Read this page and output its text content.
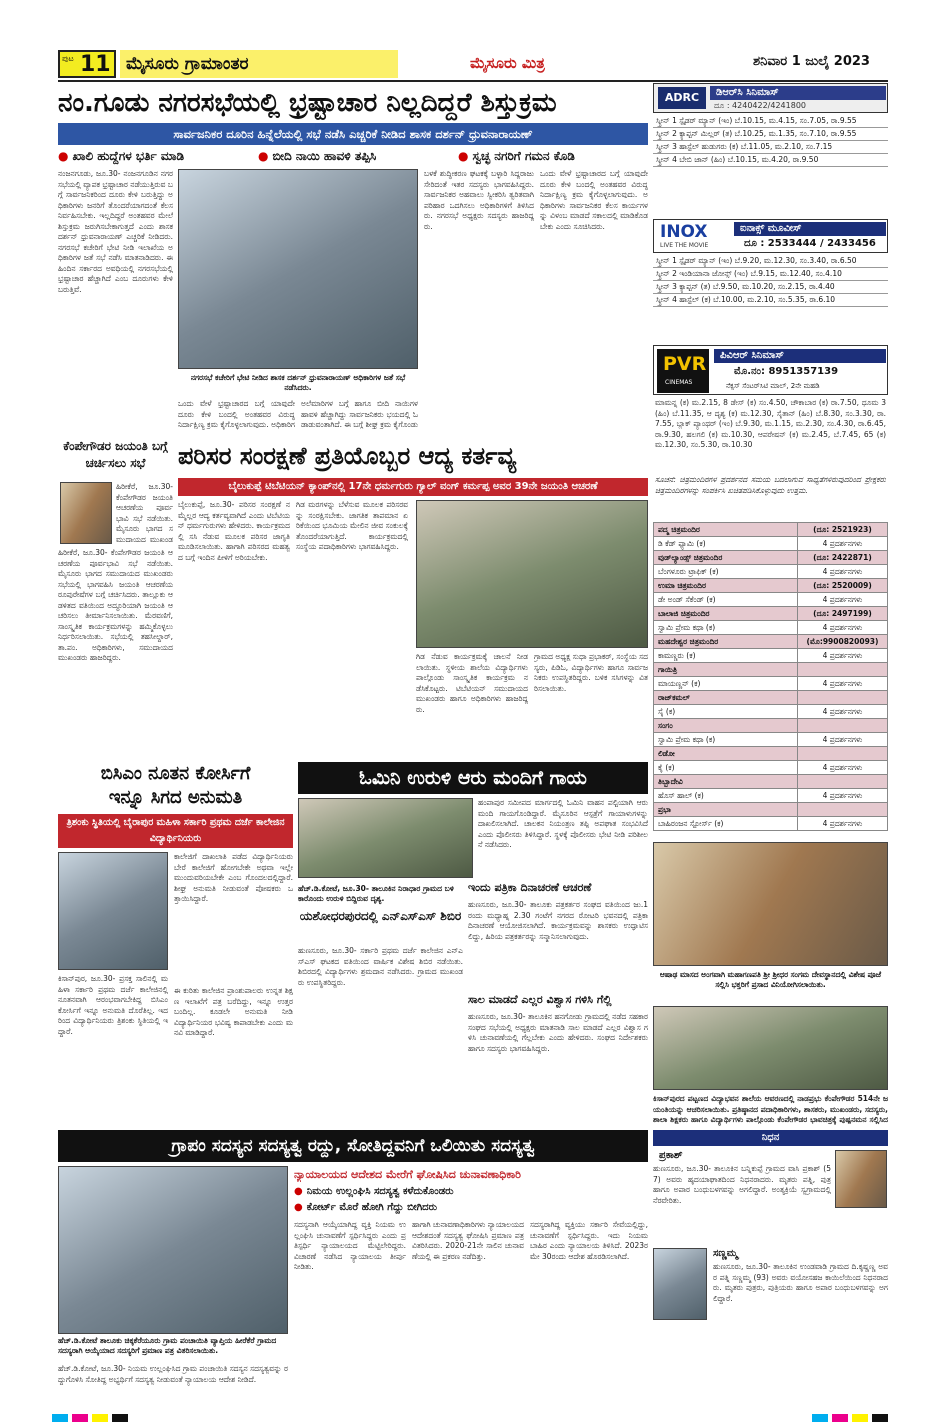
ಪುಟ 11 ಮೈಸೂರು ಗ್ರಾಮಾಂತರ	ಮೈಸೂರು ಮಿತ್ರ	ಶನಿವಾರ 1 ಜುಲೈ 2023
ನಂ.ಗೂಡು ನಗರಸಭೆಯಲ್ಲಿ ಭ್ರಷ್ಟಾಚಾರ ನಿಲ್ಲದಿದ್ದರೆ ಶಿಸ್ತುಕ್ರಮ
ಸಾರ್ವಜನಿಕರ ದೂರಿನ ಹಿನ್ನೆಲೆಯಲ್ಲಿ ಸಭೆ ನಡೆಸಿ ಎಚ್ಚರಿಕೆ ನೀಡಿದ ಶಾಸಕ ದರ್ಶನ್ ಧ್ರುವನಾರಾಯಣ್
● ಖಾಲಿ ಹುದ್ದೆಗಳ ಭರ್ತಿ ಮಾಡಿ	● ಬೀದಿ ನಾಯಿ ಹಾವಳಿ ತಪ್ಪಿಸಿ	● ಸ್ವಚ್ಛ ನಗರಿಗೆ ಗಮನ ಕೊಡಿ
ನಂಜನಗೂಡು, ಜೂ.30- ನಂಜನಗೂಡಿನ ನಗರಸಭೆಯಲ್ಲಿ ವ್ಯಾಪಕ ಭ್ರಷ್ಟಾಚಾರ ನಡೆಯುತ್ತಿರುವ ಬಗ್ಗೆ ಸಾರ್ವಜನಿಕರಿಂದ ದೂರು ಕೇಳಿ ಬರುತ್ತಿದ್ದು ಅಧಿಕಾರಿಗಳು ಜನರಿಗೆ ತೊಂದರೆಯಾಗದಂತೆ ಕೆಲಸ ನಿರ್ವಹಿಸಬೇಕು. ಇಲ್ಲದಿದ್ದರೆ ಅಂತಹವರ ಮೇಲೆ ಶಿಸ್ತುಕ್ರಮ ಜರುಗಿಸಬೇಕಾಗುತ್ತದೆ ಎಂದು ಶಾಸಕ ದರ್ಶನ್ ಧ್ರುವನಾರಾಯಣ್ ಎಚ್ಚರಿಕೆ ನೀಡಿದರು. ನಗರಸಭೆ ಕಚೇರಿಗೆ ಭೇಟಿ ನೀಡಿ ಇಲಾಖೆಯ ಅಧಿಕಾರಿಗಳ ಜತೆ ಸಭೆ ನಡೆಸಿ ಮಾತನಾಡಿದರು. ಈ ಹಿಂದಿನ ಸರ್ಕಾರದ ಅವಧಿಯಲ್ಲಿ ನಗರಸಭೆಯಲ್ಲಿ ಭ್ರಷ್ಟಾಚಾರ ಹೆಚ್ಚಾಗಿದೆ ಎಂಬ ದೂರುಗಳು ಕೇಳಿ ಬರುತ್ತಿವೆ.
ನಗರಸಭೆ ಕಚೇರಿಗೆ ಭೇಟಿ ನೀಡಿದ ಶಾಸಕ ದರ್ಶನ್ ಧ್ರುವನಾರಾಯಣ್ ಅಧಿಕಾರಿಗಳ ಜತೆ ಸಭೆ ನಡೆಸಿದರು.
ಒಂದು ವೇಳೆ ಭ್ರಷ್ಟಾಚಾರದ ಬಗ್ಗೆ ಯಾವುದೇ ದೂರು ಕೇಳಿ ಬಂದಲ್ಲಿ ಅಂತಹವರ ವಿರುದ್ಧ ನಿರ್ದಾಕ್ಷಿಣ್ಯ ಕ್ರಮ ಕೈಗೊಳ್ಳಲಾಗುವುದು. ಅಧಿಕಾರಿಗ
ಅಲೆಮಾರಿಗಳ ಬಗ್ಗೆ ಹಾಗೂ ಬೀದಿ ನಾಯಿಗಳ ಹಾವಳಿ ಹೆಚ್ಚಾಗಿದ್ದು ಸಾರ್ವಜನಿಕರು ಭಯದಲ್ಲಿ ಓಡಾಡುವಂತಾಗಿದೆ. ಈ ಬಗ್ಗೆ ಶೀಘ್ರ ಕ್ರಮ ಕೈಗೊಂಡು
ಬಳಕೆ ಶುದ್ಧೀಕರಣ ಘಟಕಕ್ಕೆ ಬಳ್ಳಾರಿ ಸಿದ್ದರಾಜು ಸೇರಿದಂತೆ ಇತರ ಸದಸ್ಯರು ಭಾಗವಹಿಸಿದ್ದರು. ಸಾರ್ವಜನಿಕರ ಅಹವಾಲು ಸ್ವೀಕರಿಸಿ ತ್ವರಿತವಾಗಿ ಪರಿಹಾರ ಒದಗಿಸಲು ಅಧಿಕಾರಿಗಳಿಗೆ ತಿಳಿಸಿದರು. ನಗರಸಭೆ ಅಧ್ಯಕ್ಷರು ಸದಸ್ಯರು ಹಾಜರಿದ್ದರು.
ಒಂದು ವೇಳೆ ಭ್ರಷ್ಟಾಚಾರದ ಬಗ್ಗೆ ಯಾವುದೇ ದೂರು ಕೇಳಿ ಬಂದಲ್ಲಿ ಅಂತಹವರ ವಿರುದ್ಧ ನಿರ್ದಾಕ್ಷಿಣ್ಯ ಕ್ರಮ ಕೈಗೊಳ್ಳಲಾಗುವುದು. ಅಧಿಕಾರಿಗಳು ಸಾರ್ವಜನಿಕರ ಕೆಲಸ ಕಾರ್ಯಗಳನ್ನು ವಿಳಂಬ ಮಾಡದೆ ಸಕಾಲದಲ್ಲಿ ಮಾಡಿಕೊಡಬೇಕು ಎಂದು ಸೂಚಿಸಿದರು.
ADRC	ಡಿಆರ್‌ಸಿ ಸಿನಿಮಾಸ್
ದೂ : 4240422/4241800
ಸ್ಕ್ರೀನ್ 1 ಸ್ಪೈಡರ್ ಮ್ಯಾನ್ (ಇಂ) ಬೆ.10.15, ಮ.4.15, ಸಂ.7.05, ರಾ.9.55
ಸ್ಕ್ರೀನ್ 2 ಕ್ಯಾಪ್ಟನ್ ಮಿಲ್ಲರ್ (ತ) ಬೆ.10.25, ಮ.1.35, ಸಂ.7.10, ರಾ.9.55
ಸ್ಕ್ರೀನ್ 3 ಹಾಸ್ಟೆಲ್ ಹುಡುಗರು (ಕ) ಬೆ.11.05, ಮ.2.10, ಸಂ.7.15
ಸ್ಕ್ರೀನ್ 4 ಬೇಬಿ ಜಾನ್ (ಹಿಂ) ಬೆ.10.15, ಮ.4.20, ರಾ.9.50
INOX
LIVE THE MOVIE
ಐನಾಕ್ಸ್ ಮೂವೀಸ್
ದೂ : 2533444 / 2433456
ಸ್ಕ್ರೀನ್ 1 ಸ್ಪೈಡರ್ ಮ್ಯಾನ್ (ಇಂ) ಬೆ.9.20, ಮ.12.30, ಸಂ.3.40, ರಾ.6.50
ಸ್ಕ್ರೀನ್ 2 ಇಂಡಿಯಾನಾ ಜೋನ್ಸ್ (ಇಂ) ಬೆ.9.15, ಮ.12.40, ಸಂ.4.10
ಸ್ಕ್ರೀನ್ 3 ಕ್ಯಾಪ್ಟನ್ (ತ) ಬೆ.9.50, ಮ.10.20, ಸಂ.2.15, ರಾ.4.40
ಸ್ಕ್ರೀನ್ 4 ಹಾಸ್ಟೆಲ್ (ಕ) ಬೆ.10.00, ಮ.2.10, ಸಂ.5.35, ರಾ.6.10
PVR
CINEMAS
ಪಿವಿಆರ್ ಸಿನಿಮಾಸ್
ಮೊ.ನಂ: 8951357139
ನೆಕ್ಸಸ್ ಸೆಂಟರ್‌ಸಿಟಿ ಮಾಲ್, 2ನೇ ಮಹಡಿ
ಮಾಮನ್ನ (ಕ) ಮ.2.15, 8 ಡೇಸ್ (ಕ) ಸಂ.4.50, ಚೌಕಾಬಾರ (ಕ) ರಾ.7.50, ಧೂಮ 3 (ಹಿಂ) ಬೆ.11.35, ಆ ದೃಶ್ಯ (ಕ) ಮ.12.30, ಸೈತಾನ್ (ಹಿಂ) ಬೆ.8.30, ಸಂ.3.30, ರಾ.7.55, ಬ್ಲಾಕ್ ಪ್ಯಾಂಥರ್ (ಇಂ) ಬೆ.9.30, ಮ.1.15, ಮ.2.30, ಸಂ.4.30, ರಾ.6.45, ರಾ.9.30, ಹಲಗಲಿ (ಕ) ಮ.10.30, ಆಪರೇಷನ್ (ಕ) ಮ.2.45, ಬೆ.7.45, 65 (ಕ) ಮ.12.30, ಸಂ.5.30, ರಾ.10.30
ಸೂಚನೆ: ಚಿತ್ರಮಂದಿರಗಳ ಪ್ರದರ್ಶನದ ಸಮಯ ಬದಲಾಗುವ ಸಾಧ್ಯತೆಗಳಿರುವುದರಿಂದ ಪ್ರೇಕ್ಷಕರು ಚಿತ್ರಮಂದಿರಗಳನ್ನು ಸಂಪರ್ಕಿಸಿ ಖಚಿತಪಡಿಸಿಕೊಳ್ಳುವುದು ಉತ್ತಮ.
ಪದ್ಮ ಚಿತ್ರಮಂದಿರ	(ದೂ: 2521923)
ಡಿ ಕೆಡ್ ಫ್ಯಾಮಿ (ಕ)	4 ಪ್ರದರ್ಶನಗಳು
ವುಡ್‌ಲ್ಯಾಂಡ್ಸ್ ಚಿತ್ರಮಂದಿರ	(ದೂ: 2422871)
ಬೆಂಗಳೂರು ಟ್ರಾಫಿಕ್ (ಕ)	4 ಪ್ರದರ್ಶನಗಳು
ಉಮಾ ಚಿತ್ರಮಂದಿರ	(ದೂ: 2520009)
ಡೇ ಅಂಡ್ ಸೆಕೆಂಡ್ (ಕ)	4 ಪ್ರದರ್ಶನಗಳು
ಬಾಲಾಜಿ ಚಿತ್ರಮಂದಿರ	(ದೂ: 2497199)
ಸ್ವಾಮಿ ಪ್ರೇಮ ಕಥಾ (ಕ)	4 ಪ್ರದರ್ಶನಗಳು
ಮಹದೇಶ್ವರ ಚಿತ್ರಮಂದಿರ	(ಮೊ:9900820093)
ಕಾಮಣ್ಣರು (ಕ)	4 ಪ್ರದರ್ಶನಗಳು
ಗಾಯಿತ್ರಿ
ಮಾಯಣ್ಣನ್ (ಕ)	4 ಪ್ರದರ್ಶನಗಳು
ರಾಜ್‌ಕಮಲ್
ಸೈ (ಕ)	4 ಪ್ರದರ್ಶನಗಳು
ಸಂಗಂ
ಸ್ವಾಮಿ ಪ್ರೇಮ ಕಥಾ (ಕ)	4 ಪ್ರದರ್ಶನಗಳು
ಲಿಡೋ
ಕೈ (ಕ)	4 ಪ್ರದರ್ಶನಗಳು
ತಿಬ್ಬಾದೇವಿ
ಹೊಸ್ ಹಾಲ್ (ಕ)	4 ಪ್ರದರ್ಶನಗಳು
ಪ್ರಭಾ
ಬಾಹಿರಂಜನ ಸ್ಟೋರ್ಸ್ (ಕ)	4 ಪ್ರದರ್ಶನಗಳು
ಕೆಂಪೇಗೌಡರ ಜಯಂತಿ ಬಗ್ಗೆ ಚರ್ಚಿಸಲು ಸಭೆ
ಹಿರೀಕೆರೆ, ಜೂ.30- ಕೆಂಪೇಗೌಡರ ಜಯಂತಿ ಆಚರಣೆಯ ಪೂರ್ವಭಾವಿ ಸಭೆ ನಡೆಯಿತು. ಮೈಸೂರು ಭಾಗದ ಸಮುದಾಯದ ಮುಖಂಡ
ಹಿರೀಕೆರೆ, ಜೂ.30- ಕೆಂಪೇಗೌಡರ ಜಯಂತಿ ಆಚರಣೆಯ ಪೂರ್ವಭಾವಿ ಸಭೆ ನಡೆಯಿತು. ಮೈಸೂರು ಭಾಗದ ಸಮುದಾಯದ ಮುಖಂಡರು ಸಭೆಯಲ್ಲಿ ಭಾಗವಹಿಸಿ ಜಯಂತಿ ಆಚರಣೆಯ ರೂಪುರೇಷೆಗಳ ಬಗ್ಗೆ ಚರ್ಚಿಸಿದರು. ತಾಲ್ಲೂಕು ಆಡಳಿತದ ವತಿಯಿಂದ ಅದ್ಧೂರಿಯಾಗಿ ಜಯಂತಿ ಆಚರಿಸಲು ತೀರ್ಮಾನಿಸಲಾಯಿತು. ಮೆರವಣಿಗೆ, ಸಾಂಸ್ಕೃತಿಕ ಕಾರ್ಯಕ್ರಮಗಳನ್ನು ಹಮ್ಮಿಕೊಳ್ಳಲು ನಿರ್ಧರಿಸಲಾಯಿತು. ಸಭೆಯಲ್ಲಿ ತಹಸೀಲ್ದಾರ್, ತಾ.ಪಂ. ಅಧಿಕಾರಿಗಳು, ಸಮುದಾಯದ ಮುಖಂಡರು ಹಾಜರಿದ್ದರು.
ಪರಿಸರ ಸಂರಕ್ಷಣೆ ಪ್ರತಿಯೊಬ್ಬರ ಆದ್ಯ ಕರ್ತವ್ಯ
ಬೈಲುಕುಪ್ಪೆ ಟಿಬೆಟಿಯನ್ ಕ್ಯಾಂಪ್‌ನಲ್ಲಿ 17ನೇ ಧರ್ಮಗುರು ಗ್ಯಾಲ್ ವಂಗ್ ಕರ್ಮಪ್ಪ ಅವರ 39ನೇ ಜಯಂತಿ ಆಚರಣೆ
ಬೈಲುಕುಪ್ಪೆ, ಜೂ.30- ಪರಿಸರ ಸಂರಕ್ಷಣೆ ನಮ್ಮೆಲ್ಲರ ಆದ್ಯ ಕರ್ತವ್ಯವಾಗಿದೆ ಎಂದು ಟಿಬೆಟಿಯನ್ ಧರ್ಮಗುರುಗಳು ಹೇಳಿದರು. ಕಾರ್ಯಕ್ರಮದಲ್ಲಿ ಸಸಿ ನೆಡುವ ಮೂಲಕ ಪರಿಸರ ಜಾಗೃತಿ ಮೂಡಿಸಲಾಯಿತು. ಹಾಗಾಗಿ ಪರಿಸರದ ಮಹತ್ವದ ಬಗ್ಗೆ ಇಂದಿನ ಪೀಳಿಗೆ ಅರಿಯಬೇಕು.
ಗಿಡ ಮರಗಳನ್ನು ಬೆಳೆಸುವ ಮೂಲಕ ಪರಿಸರವನ್ನು ಸಂರಕ್ಷಿಸಬೇಕು. ಜಾಗತಿಕ ತಾಪಮಾನ ಏರಿಕೆಯಿಂದ ಭೂಮಿಯ ಮೇಲಿನ ಜೀವ ಸಂಕುಲಕ್ಕೆ ತೊಂದರೆಯಾಗುತ್ತಿದೆ. ಕಾರ್ಯಕ್ರಮದಲ್ಲಿ ಸಂಸ್ಥೆಯ ಪದಾಧಿಕಾರಿಗಳು ಭಾಗವಹಿಸಿದ್ದರು.
ಗಿಡ ನೆಡುವ ಕಾರ್ಯಕ್ರಮಕ್ಕೆ ಚಾಲನೆ ನೀಡಲಾಯಿತು. ಸ್ಥಳೀಯ ಶಾಲೆಯ ವಿದ್ಯಾರ್ಥಿಗಳು ಪಾಲ್ಗೊಂಡು ಸಾಂಸ್ಕೃತಿಕ ಕಾರ್ಯಕ್ರಮ ನಡೆಸಿಕೊಟ್ಟರು. ಟಿಬೆಟಿಯನ್ ಸಮುದಾಯದ ಮುಖಂಡರು ಹಾಗೂ ಅಧಿಕಾರಿಗಳು ಹಾಜರಿದ್ದರು.
ಗ್ರಾಮದ ಅಧ್ಯಕ್ಷ ಸುಧಾ ಪ್ರಭಾಕರ್, ಸಂಸ್ಥೆಯ ಸದಸ್ಯರು, ಪಿಡಿಓ, ವಿದ್ಯಾರ್ಥಿಗಳು ಹಾಗೂ ಸಾರ್ವಜನಿಕರು ಉಪಸ್ಥಿತರಿದ್ದರು. ಬಳಿಕ ಸಸಿಗಳನ್ನು ವಿತರಿಸಲಾಯಿತು.
ಬಿಸಿಎಂ ನೂತನ ಕೋರ್ಸಿಗೆ
ಇನ್ನೂ ಸಿಗದ ಅನುಮತಿ
ತ್ರಿಶಂಕು ಸ್ಥಿತಿಯಲ್ಲಿ ಬೈರಾಪುರ ಮಹಿಳಾ ಸರ್ಕಾರಿ ಪ್ರಥಮ ದರ್ಜೆ ಕಾಲೇಜಿನ ವಿದ್ಯಾರ್ಥಿನಿಯರು
ಕಿಸಾನ್‌ಪುರ, ಜೂ.30- ಪ್ರಸಕ್ತ ಸಾಲಿನಲ್ಲಿ ಮಹಿಳಾ ಸರ್ಕಾರಿ ಪ್ರಥಮ ದರ್ಜೆ ಕಾಲೇಜಿನಲ್ಲಿ ನೂತನವಾಗಿ ಆರಂಭವಾಗಬೇಕಿದ್ದ ಬಿಸಿಎಂ ಕೋರ್ಸಿಗೆ ಇನ್ನೂ ಅನುಮತಿ ದೊರೆತಿಲ್ಲ. ಇದರಿಂದ ವಿದ್ಯಾರ್ಥಿನಿಯರು ತ್ರಿಶಂಕು ಸ್ಥಿತಿಯಲ್ಲಿ ಇದ್ದಾರೆ.
ಕಾಲೇಜಿಗೆ ದಾಖಲಾತಿ ಪಡೆದ ವಿದ್ಯಾರ್ಥಿನಿಯರು ಬೇರೆ ಕಾಲೇಜಿಗೆ ಹೋಗಬೇಕೇ ಅಥವಾ ಇಲ್ಲೇ ಮುಂದುವರಿಯಬೇಕೇ ಎಂಬ ಗೊಂದಲದಲ್ಲಿದ್ದಾರೆ. ಶೀಘ್ರ ಅನುಮತಿ ನೀಡುವಂತೆ ಪೋಷಕರು ಒತ್ತಾಯಿಸಿದ್ದಾರೆ.
ಈ ಕುರಿತು ಕಾಲೇಜಿನ ಪ್ರಾಂಶುಪಾಲರು ಉನ್ನತ ಶಿಕ್ಷಣ ಇಲಾಖೆಗೆ ಪತ್ರ ಬರೆದಿದ್ದು, ಇನ್ನೂ ಉತ್ತರ ಬಂದಿಲ್ಲ. ಕೂಡಲೇ ಅನುಮತಿ ನೀಡಿ ವಿದ್ಯಾರ್ಥಿನಿಯರ ಭವಿಷ್ಯ ಕಾಪಾಡಬೇಕು ಎಂದು ಮನವಿ ಮಾಡಿದ್ದಾರೆ.
ಓಮಿನಿ ಉರುಳಿ ಆರು ಮಂದಿಗೆ ಗಾಯ
ಹಂಪಾಪುರ ಸಮೀಪದ ಮಾರ್ಗದಲ್ಲಿ ಓಮಿನಿ ವಾಹನ ಪಲ್ಟಿಯಾಗಿ ಆರು ಮಂದಿ ಗಾಯಗೊಂಡಿದ್ದಾರೆ. ಮೈಸೂರಿನ ಆಸ್ಪತ್ರೆಗೆ ಗಾಯಾಳುಗಳನ್ನು ದಾಖಲಿಸಲಾಗಿದೆ. ಚಾಲಕನ ನಿಯಂತ್ರಣ ತಪ್ಪಿ ಅಪಘಾತ ಸಂಭವಿಸಿದೆ ಎಂದು ಪೊಲೀಸರು ತಿಳಿಸಿದ್ದಾರೆ. ಸ್ಥಳಕ್ಕೆ ಪೊಲೀಸರು ಭೇಟಿ ನೀಡಿ ಪರಿಶೀಲನೆ ನಡೆಸಿದರು.
ಹೆಚ್.ಡಿ.ಕೋಟೆ, ಜೂ.30- ತಾಲೂಕಿನ ನಿರಾಧಾರ ಗ್ರಾಮದ ಬಳಿ ಕಾರೊಂದು ಉರುಳಿ ಬಿದ್ದಿರುವ ದೃಶ್ಯ.
ಯಶೋಧರಪುರದಲ್ಲಿ ಎನ್‌ಎಸ್‌ಎಸ್ ಶಿಬಿರ
ಹುಣಸೂರು, ಜೂ.30- ಸರ್ಕಾರಿ ಪ್ರಥಮ ದರ್ಜೆ ಕಾಲೇಜಿನ ಎನ್‌ಎಸ್‌ಎಸ್ ಘಟಕದ ವತಿಯಿಂದ ವಾರ್ಷಿಕ ವಿಶೇಷ ಶಿಬಿರ ನಡೆಯಿತು. ಶಿಬಿರದಲ್ಲಿ ವಿದ್ಯಾರ್ಥಿಗಳು ಶ್ರಮದಾನ ನಡೆಸಿದರು. ಗ್ರಾಮದ ಮುಖಂಡರು ಉಪಸ್ಥಿತರಿದ್ದರು.
ಇಂದು ಪತ್ರಿಕಾ ದಿನಾಚರಣೆ ಆಚರಣೆ
ಹುಣಸೂರು, ಜೂ.30- ತಾಲೂಕು ಪತ್ರಕರ್ತರ ಸಂಘದ ವತಿಯಿಂದ ಜು.1 ರಂದು ಮಧ್ಯಾಹ್ನ 2.30 ಗಂಟೆಗೆ ನಗರದ ರೋಟರಿ ಭವನದಲ್ಲಿ ಪತ್ರಿಕಾ ದಿನಾಚರಣೆ ಆಯೋಜಿಸಲಾಗಿದೆ. ಕಾರ್ಯಕ್ರಮವನ್ನು ಶಾಸಕರು ಉದ್ಘಾಟಿಸಲಿದ್ದು, ಹಿರಿಯ ಪತ್ರಕರ್ತರನ್ನು ಸನ್ಮಾನಿಸಲಾಗುವುದು.
ಸಾಲ ಮಾಡದೆ ಎಲ್ಲರ ವಿಶ್ವಾಸ ಗಳಿಸಿ ಗೆಲ್ಲಿ
ಹುಣಸೂರು, ಜೂ.30- ತಾಲೂಕಿನ ಹನಗೋಡು ಗ್ರಾಮದಲ್ಲಿ ನಡೆದ ಸಹಕಾರ ಸಂಘದ ಸಭೆಯಲ್ಲಿ ಅಧ್ಯಕ್ಷರು ಮಾತನಾಡಿ ಸಾಲ ಮಾಡದೆ ಎಲ್ಲರ ವಿಶ್ವಾಸ ಗಳಿಸಿ ಚುನಾವಣೆಯಲ್ಲಿ ಗೆಲ್ಲಬೇಕು ಎಂದು ಹೇಳಿದರು. ಸಂಘದ ನಿರ್ದೇಶಕರು ಹಾಗೂ ಸದಸ್ಯರು ಭಾಗವಹಿಸಿದ್ದರು.
ಆಷಾಢ ಮಾಸದ ಅಂಗವಾಗಿ ಮಹಾಗಣಪತಿ ಶ್ರೀ ಶ್ರೀಧರ ಸಂಗಮ ದೇವಸ್ಥಾನದಲ್ಲಿ ವಿಶೇಷ ಪೂಜೆ ಸಲ್ಲಿಸಿ ಭಕ್ತರಿಗೆ ಪ್ರಸಾದ ವಿನಿಯೋಗಿಸಲಾಯಿತು.
ಕಿಸಾನ್‌ಪುರದ ಪಟ್ಟಣದ ವಿದ್ಯಾಭವನ ಶಾಲೆಯ ಆವರಣದಲ್ಲಿ ನಾಡಪ್ರಭು ಕೆಂಪೇಗೌಡರ 514ನೇ ಜಯಂತಿಯನ್ನು ಆಚರಿಸಲಾಯಿತು. ಪ್ರತಿಷ್ಠಾನದ ಪದಾಧಿಕಾರಿಗಳು, ಶಾಸಕರು, ಮುಖಂಡರು, ಸದಸ್ಯರು, ಶಾಲಾ ಶಿಕ್ಷಕರು ಹಾಗೂ ವಿದ್ಯಾರ್ಥಿಗಳು ಪಾಲ್ಗೊಂಡು ಕೆಂಪೇಗೌಡರ ಭಾವಚಿತ್ರಕ್ಕೆ ಪುಷ್ಪನಮನ ಸಲ್ಲಿಸಿದ
ಗ್ರಾಪಂ ಸದಸ್ಯನ ಸದಸ್ಯತ್ವ ರದ್ದು, ಸೋತಿದ್ದವನಿಗೆ ಒಲಿಯಿತು ಸದಸ್ಯತ್ವ
ನ್ಯಾಯಾಲಯದ ಆದೇಶದ ಮೇರೆಗೆ ಘೋಷಿಸಿದ ಚುನಾವಣಾಧಿಕಾರಿ
● ನಿಮಯ ಉಲ್ಲಂಘಿಸಿ ಸದಸ್ಯತ್ವ ಕಳೆದುಕೊಂಡರು
● ಕೋರ್ಟ್ ಮೊರೆ ಹೋಗಿ ಗೆದ್ದು ಬೀಗಿದರು
ಹೆಚ್.ಡಿ.ಕೋಟೆ ತಾಲೂಕು ಚಿಕ್ಕಕೆರೆಯೂರು ಗ್ರಾಮ ಪಂಚಾಯಿತಿ ವ್ಯಾಪ್ತಿಯ ಹೀರೆಕೆರೆ ಗ್ರಾಮದ ಸದಸ್ಯರಾಗಿ ಆಯ್ಕೆಯಾದ ಸದಸ್ಯರಿಗೆ ಪ್ರಮಾಣ ಪತ್ರ ವಿತರಿಸಲಾಯಿತು.
ಹೆಚ್.ಡಿ.ಕೋಟೆ, ಜೂ.30- ನಿಯಮ ಉಲ್ಲಂಘಿಸಿದ ಗ್ರಾಮ ಪಂಚಾಯಿತಿ ಸದಸ್ಯನ ಸದಸ್ಯತ್ವವನ್ನು ರದ್ದುಗೊಳಿಸಿ ಸೋತಿದ್ದ ಅಭ್ಯರ್ಥಿಗೆ ಸದಸ್ಯತ್ವ ನೀಡುವಂತೆ ನ್ಯಾಯಾಲಯ ಆದೇಶ ನೀಡಿದೆ.
ಸದಸ್ಯನಾಗಿ ಆಯ್ಕೆಯಾಗಿದ್ದ ವ್ಯಕ್ತಿ ನಿಯಮ ಉಲ್ಲಂಘಿಸಿ ಚುನಾವಣೆಗೆ ಸ್ಪರ್ಧಿಸಿದ್ದರು ಎಂದು ಪ್ರತಿಸ್ಪರ್ಧಿ ನ್ಯಾಯಾಲಯದ ಮೆಟ್ಟಿಲೇರಿದ್ದರು. ವಿಚಾರಣೆ ನಡೆಸಿದ ನ್ಯಾಯಾಲಯ ತೀರ್ಪು ನೀಡಿತು.
ಹಾಗಾಗಿ ಚುನಾವಣಾಧಿಕಾರಿಗಳು ನ್ಯಾಯಾಲಯದ ಆದೇಶದಂತೆ ಸದಸ್ಯತ್ವ ಘೋಷಿಸಿ ಪ್ರಮಾಣ ಪತ್ರ ವಿತರಿಸಿದರು. 2020-21ನೇ ಸಾಲಿನ ಚುನಾವಣೆಯಲ್ಲಿ ಈ ಪ್ರಕರಣ ನಡೆದಿತ್ತು.
ಸದಸ್ಯರಾಗಿದ್ದ ವ್ಯಕ್ತಿಯು ಸರ್ಕಾರಿ ಸೇವೆಯಲ್ಲಿದ್ದು, ಚುನಾವಣೆಗೆ ಸ್ಪರ್ಧಿಸಿದ್ದರು. ಇದು ನಿಯಮ ಬಾಹಿರ ಎಂದು ನ್ಯಾಯಾಲಯ ತಿಳಿಸಿದೆ. 2023ರ ಮೇ 30ರಂದು ಆದೇಶ ಹೊರಡಿಸಲಾಗಿದೆ.
ನಿಧನ
ಪ್ರಕಾಶ್
ಹುಣಸೂರು, ಜೂ.30- ತಾಲೂಕಿನ ಬನ್ನಿಕುಪ್ಪೆ ಗ್ರಾಮದ ವಾಸಿ ಪ್ರಕಾಶ್ (57) ಅವರು ಹೃದಯಾಘಾತದಿಂದ ನಿಧನರಾದರು. ಮೃತರು ಪತ್ನಿ, ಪುತ್ರ ಹಾಗೂ ಅಪಾರ ಬಂಧುಬಳಗವನ್ನು ಅಗಲಿದ್ದಾರೆ. ಅಂತ್ಯಕ್ರಿಯೆ ಸ್ವಗ್ರಾಮದಲ್ಲಿ ನೆರವೇರಿತು.
ಸಣ್ಣಮ್ಮ
ಹುಣಸೂರು, ಜೂ.30- ತಾಲೂಕಿನ ಉಂಡವಾಡಿ ಗ್ರಾಮದ ದಿ.ಕೃಷ್ಣಣ್ಣ ಅವರ ಪತ್ನಿ ಸಣ್ಣಮ್ಮ (93) ಅವರು ವಯೋಸಹಜ ಕಾಯಿಲೆಯಿಂದ ನಿಧನರಾದರು. ಮೃತರು ಪುತ್ರರು, ಪುತ್ರಿಯರು ಹಾಗೂ ಅಪಾರ ಬಂಧುಬಳಗವನ್ನು ಅಗಲಿದ್ದಾರೆ.
